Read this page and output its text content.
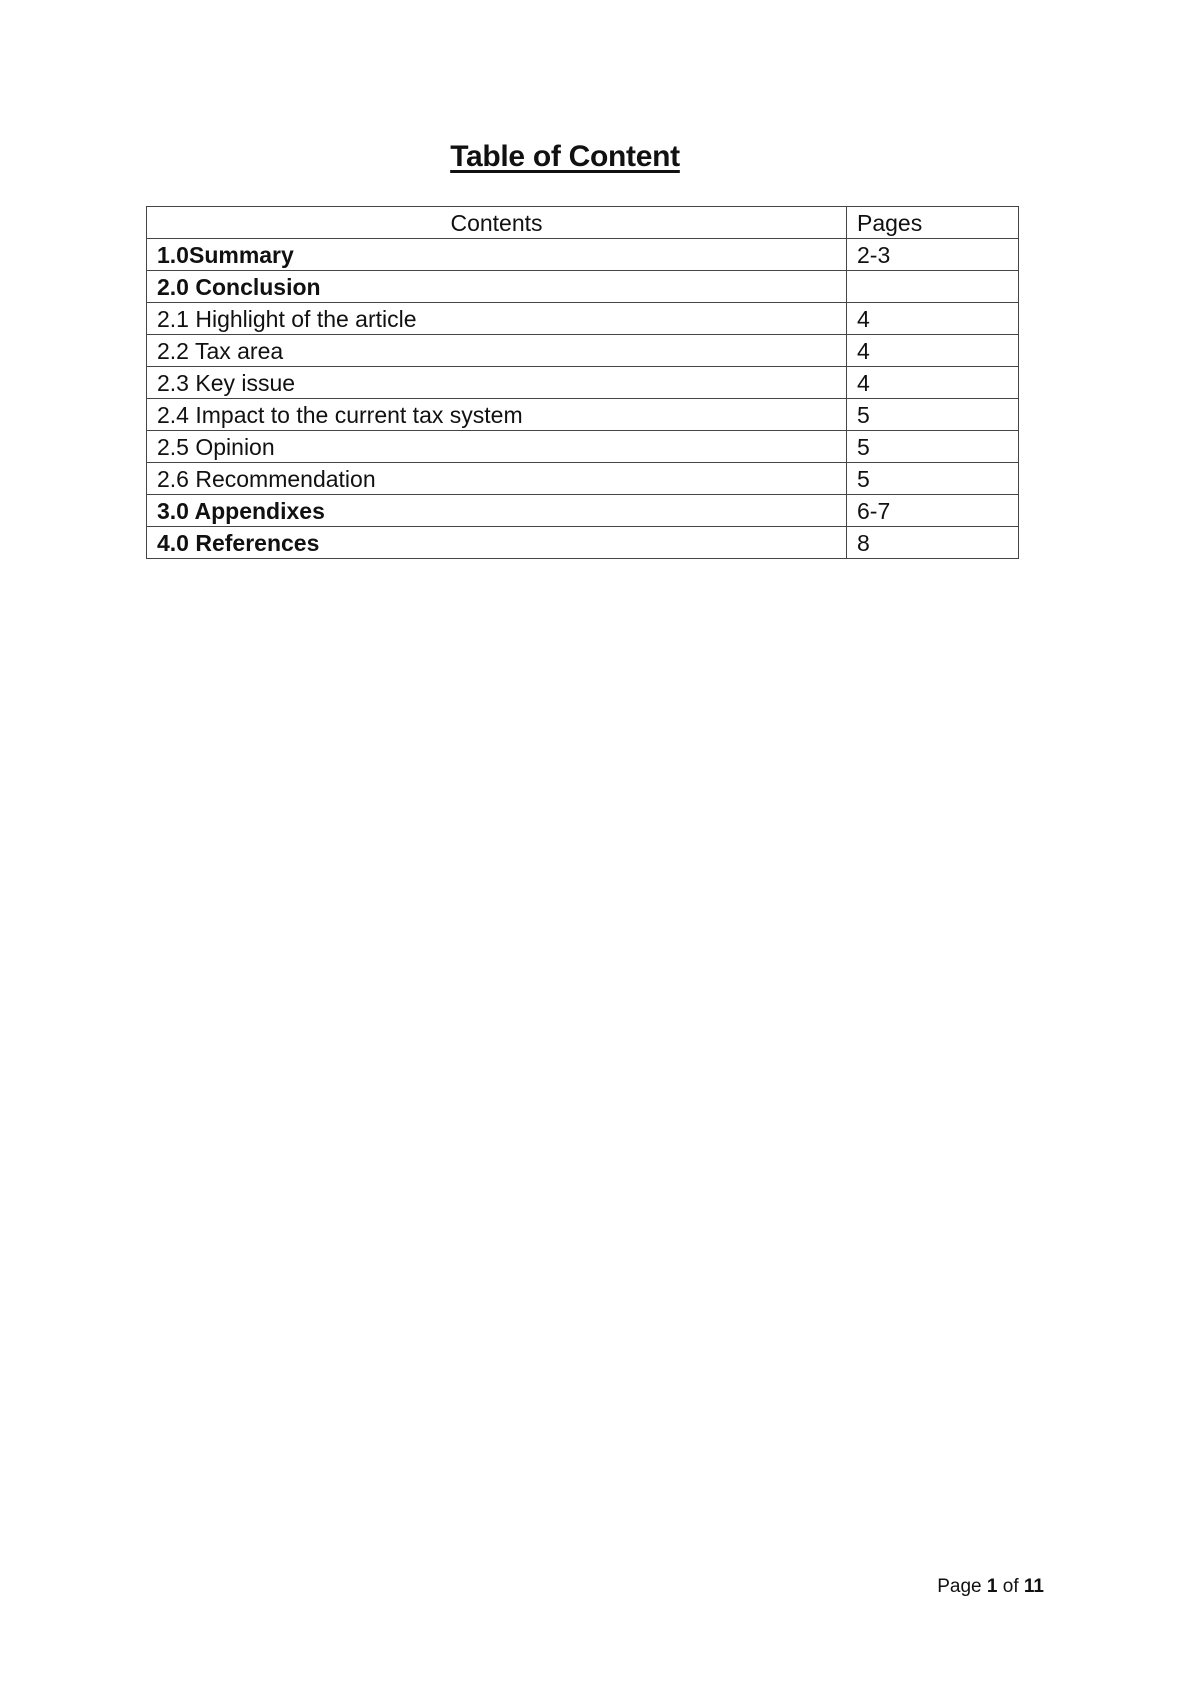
Table of Content
Contents	Pages
1.0Summary	2-3
2.0 Conclusion	
2.1 Highlight of the article	4
2.2 Tax area	4
2.3 Key issue	4
2.4 Impact to the current tax system	5
2.5 Opinion	5
2.6 Recommendation	5
3.0 Appendixes	6-7
4.0 References	8
Page 1 of 11
